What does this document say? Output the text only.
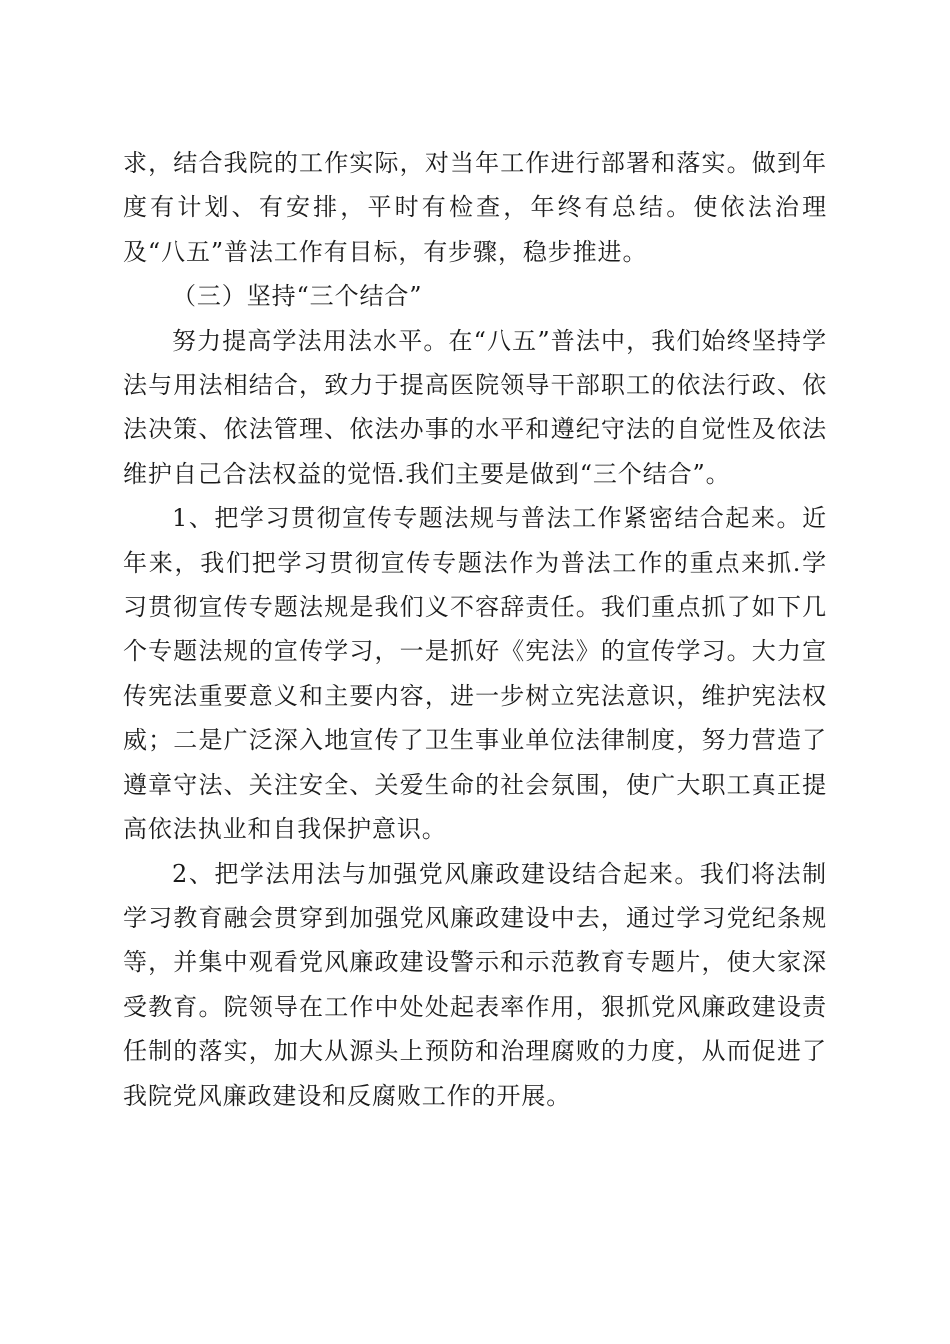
求，结合我院的工作实际，对当年工作进行部署和落实。做到年度有计划、有安排，平时有检查，年终有总结。使依法治理及“八五”普法工作有目标，有步骤，稳步推进。

（三）坚持“三个结合”

努力提高学法用法水平。在“八五”普法中，我们始终坚持学法与用法相结合，致力于提高医院领导干部职工的依法行政、依法决策、依法管理、依法办事的水平和遵纪守法的自觉性及依法维护自己合法权益的觉悟.我们主要是做到“三个结合”。

1、把学习贯彻宣传专题法规与普法工作紧密结合起来。近年来，我们把学习贯彻宣传专题法作为普法工作的重点来抓.学习贯彻宣传专题法规是我们义不容辞责任。我们重点抓了如下几个专题法规的宣传学习，一是抓好《宪法》的宣传学习。大力宣传宪法重要意义和主要内容，进一步树立宪法意识，维护宪法权威；二是广泛深入地宣传了卫生事业单位法律制度，努力营造了遵章守法、关注安全、关爱生命的社会氛围，使广大职工真正提高依法执业和自我保护意识。

2、把学法用法与加强党风廉政建设结合起来。我们将法制学习教育融会贯穿到加强党风廉政建设中去，通过学习党纪条规等，并集中观看党风廉政建设警示和示范教育专题片，使大家深受教育。院领导在工作中处处起表率作用，狠抓党风廉政建设责任制的落实，加大从源头上预防和治理腐败的力度，从而促进了我院党风廉政建设和反腐败工作的开展。
